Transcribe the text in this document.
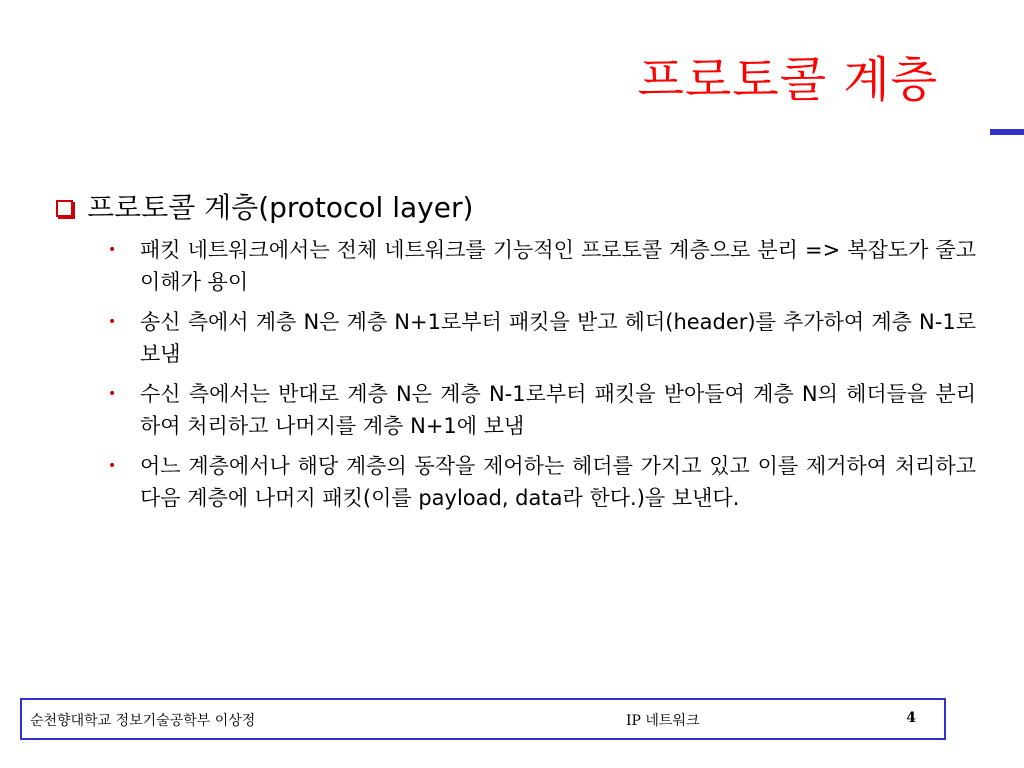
프로토콜 계층
프로토콜 계층(protocol layer)
• 패킷 네트워크에서는 전체 네트워크를 기능적인 프로토콜 계층으로 분리 => 복잡도가 줄고 이해가 용이
• 송신 측에서 계층 N은 계층 N+1로부터 패킷을 받고 헤더(header)를 추가하여 계층 N-1로 보냄
• 수신 측에서는 반대로 계층 N은 계층 N-1로부터 패킷을 받아들여 계층 N의 헤더들을 분리하여 처리하고 나머지를 계층 N+1에 보냄
• 어느 계층에서나 해당 계층의 동작을 제어하는 헤더를 가지고 있고 이를 제거하여 처리하고 다음 계층에 나머지 패킷(이를 payload, data라 한다.)을 보낸다.
순천향대학교 정보기술공학부 이상정	IP 네트워크	4
